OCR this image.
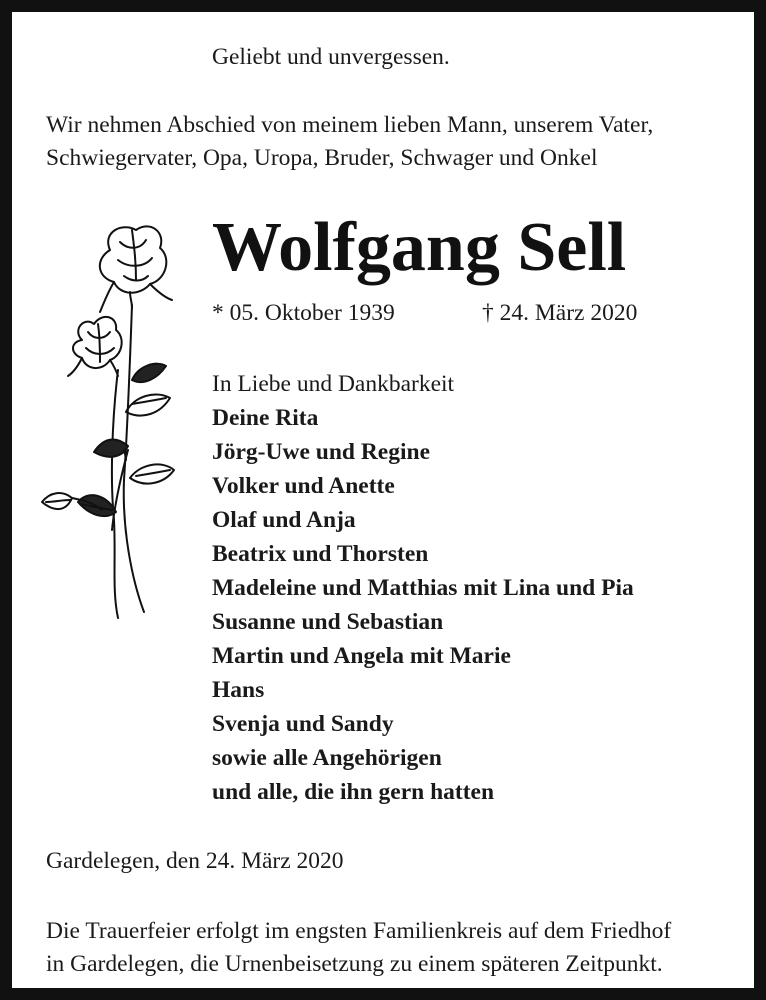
Geliebt und unvergessen.
Wir nehmen Abschied von meinem lieben Mann, unserem Vater,
Schwiegervater, Opa, Uropa, Bruder, Schwager und Onkel
Wolfgang Sell
* 05. Oktober 1939	† 24. März 2020
In Liebe und Dankbarkeit
Deine Rita
Jörg-Uwe und Regine
Volker und Anette
Olaf und Anja
Beatrix und Thorsten
Madeleine und Matthias mit Lina und Pia
Susanne und Sebastian
Martin und Angela mit Marie
Hans
Svenja und Sandy
sowie alle Angehörigen
und alle, die ihn gern hatten
Gardelegen, den 24. März 2020
Die Trauerfeier erfolgt im engsten Familienkreis auf dem Friedhof
in Gardelegen, die Urnenbeisetzung zu einem späteren Zeitpunkt.
